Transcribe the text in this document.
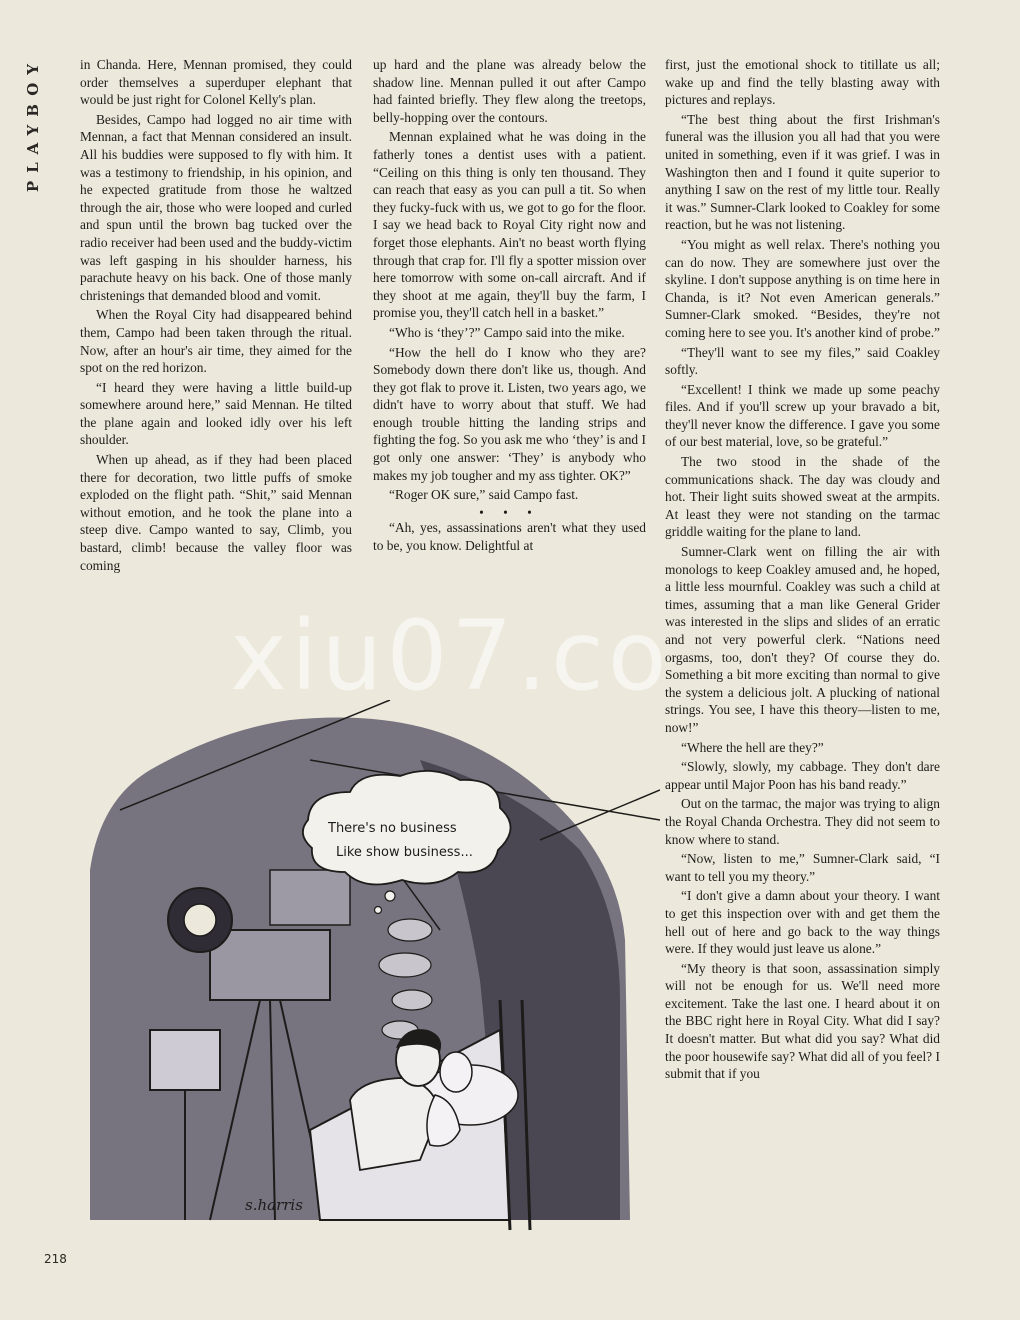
PLAYBOY	in Chanda. Here, Mennan promised, they could order themselves a superduper elephant that would be just right for Colonel Kelly's plan.

Besides, Campo had logged no air time with Mennan, a fact that Mennan considered an insult. All his buddies were supposed to fly with him. It was a testimony to friendship, in his opinion, and he expected gratitude from those he waltzed through the air, those who were looped and curled and spun until the brown bag tucked over the radio receiver had been used and the buddy-victim was left gasping in his shoulder harness, his parachute heavy on his back. One of those manly christenings that demanded blood and vomit.

When the Royal City had disappeared behind them, Campo had been taken through the ritual. Now, after an hour's air time, they aimed for the spot on the red horizon.

“I heard they were having a little build-up somewhere around here,” said Mennan. He tilted the plane again and looked idly over his left shoulder.

When up ahead, as if they had been placed there for decoration, two little puffs of smoke exploded on the flight path. “Shit,” said Mennan without emotion, and he took the plane into a steep dive. Campo wanted to say, Climb, you bastard, climb! because the valley floor was coming

up hard and the plane was already below the shadow line. Mennan pulled it out after Campo had fainted briefly. They flew along the treetops, belly-hopping over the contours.

Mennan explained what he was doing in the fatherly tones a dentist uses with a patient. “Ceiling on this thing is only ten thousand. They can reach that easy as you can pull a tit. So when they fucky-fuck with us, we got to go for the floor. I say we head back to Royal City right now and forget those elephants. Ain't no beast worth flying through that crap for. I'll fly a spotter mission over here tomorrow with some on-call aircraft. And if they shoot at me again, they'll buy the farm, I promise you, they'll catch hell in a basket.”

“Who is ‘they’?” Campo said into the mike.

“How the hell do I know who they are? Somebody down there don't like us, though. And they got flak to prove it. Listen, two years ago, we didn't have to worry about that stuff. We had enough trouble hitting the landing strips and fighting the fog. So you ask me who ‘they’ is and I got only one answer: ‘They’ is anybody who makes my job tougher and my ass tighter. OK?”

“Roger OK sure,” said Campo fast.

• • •

“Ah, yes, assassinations aren't what they used to be, you know. Delightful at

first, just the emotional shock to titillate us all; wake up and find the telly blasting away with pictures and replays.

“The best thing about the first Irishman's funeral was the illusion you all had that you were united in something, even if it was grief. I was in Washington then and I found it quite superior to anything I saw on the rest of my little tour. Really it was.” Sumner-Clark looked to Coakley for some reaction, but he was not listening.

“You might as well relax. There's nothing you can do now. They are somewhere just over the skyline. I don't suppose anything is on time here in Chanda, is it? Not even American generals.” Sumner-Clark smoked. “Besides, they're not coming here to see you. It's another kind of probe.”

“They'll want to see my files,” said Coakley softly.

“Excellent! I think we made up some peachy files. And if you'll screw up your bravado a bit, they'll never know the difference. I gave you some of our best material, love, so be grateful.”

The two stood in the shade of the communications shack. The day was cloudy and hot. Their light suits showed sweat at the armpits. At least they were not standing on the tarmac griddle waiting for the plane to land.

Sumner-Clark went on filling the air with monologs to keep Coakley amused and, he hoped, a little less mournful. Coakley was such a child at times, assuming that a man like General Grider was interested in the slips and slides of an erratic and not very powerful clerk. “Nations need orgasms, too, don't they? Of course they do. Something a bit more exciting than normal to give the system a delicious jolt. A plucking of national strings. You see, I have this theory—listen to me, now!”

“Where the hell are they?”

“Slowly, slowly, my cabbage. They don't dare appear until Major Poon has his band ready.”

Out on the tarmac, the major was trying to align the Royal Chanda Orchestra. They did not seem to know where to stand.

“Now, listen to me,” Sumner-Clark said, “I want to tell you my theory.”

“I don't give a damn about your theory. I want to get this inspection over with and get them the hell out of here and go back to the way things were. If they would just leave us alone.”

“My theory is that soon, assassination simply will not be enough for us. We'll need more excitement. Take the last one. I heard about it on the BBC right here in Royal City. What did I say? It doesn't matter. But what did you say? What did the poor housewife say? What did all of you feel? I submit that if you

There's no business
Like show business...
s.harris
xiu07.co
218
